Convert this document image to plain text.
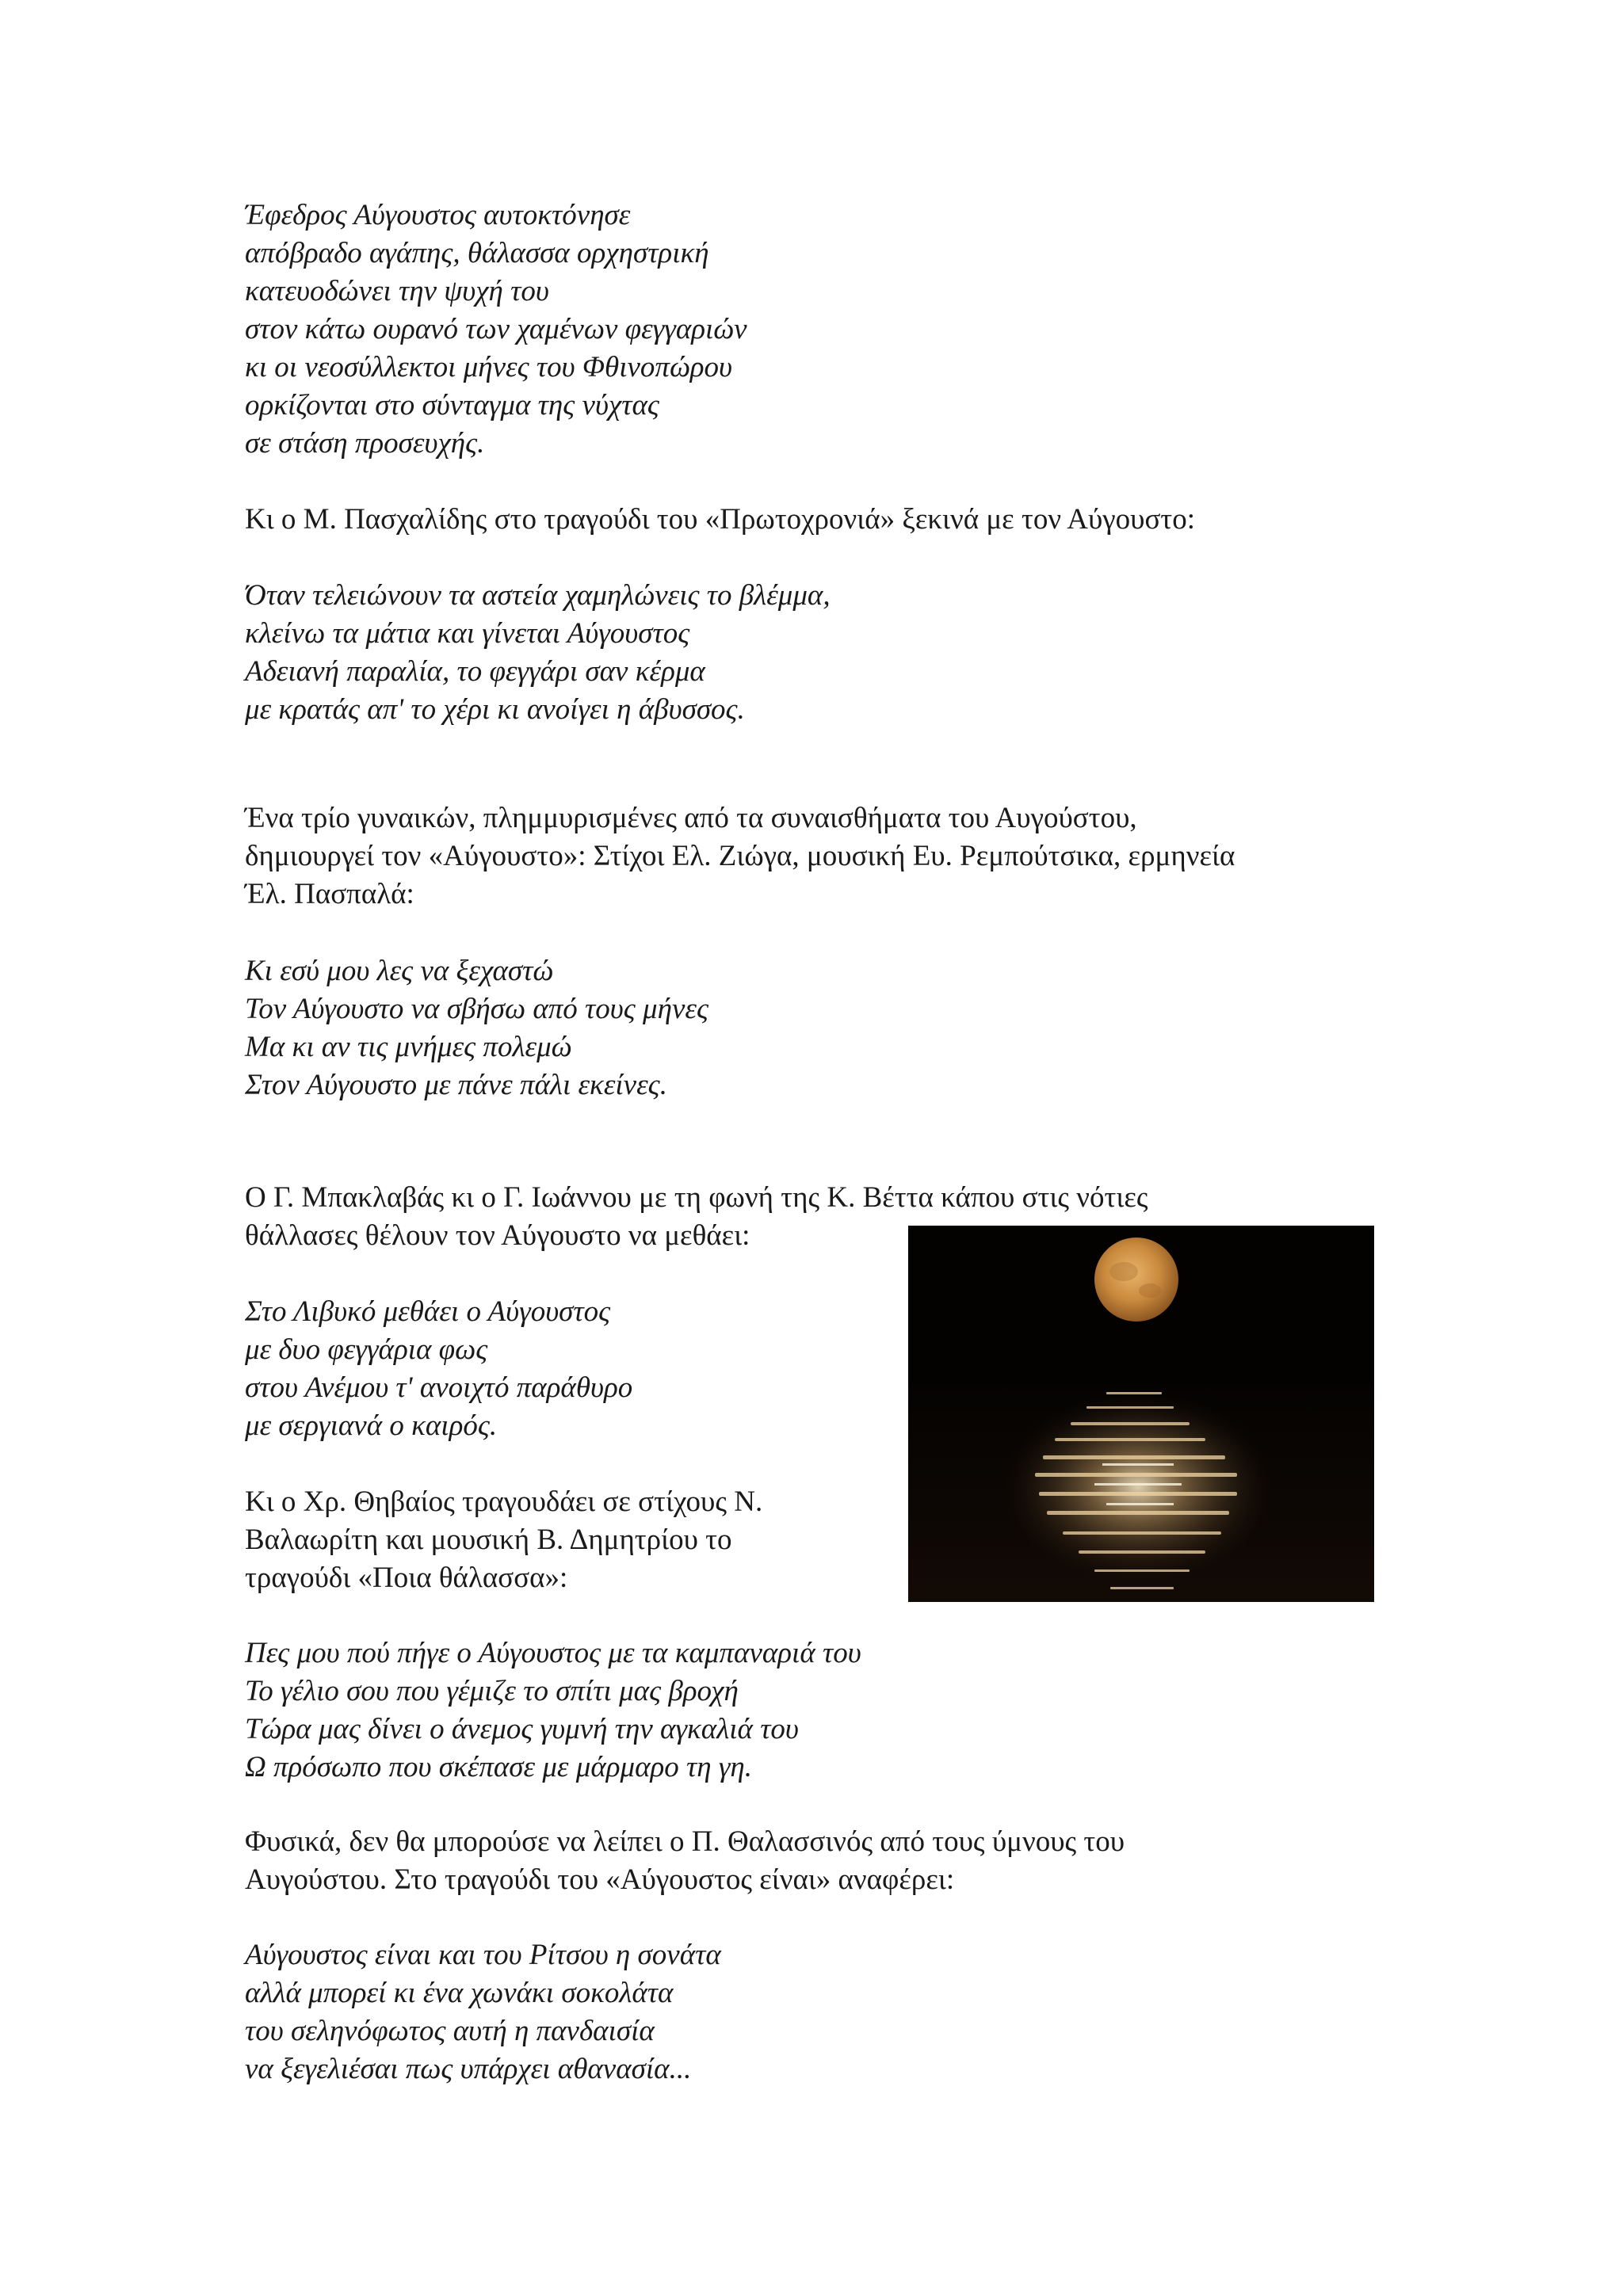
Έφεδρος Αύγουστος αυτοκτόνησε
απόβραδο αγάπης, θάλασσα ορχηστρική
κατευοδώνει την ψυχή του
στον κάτω ουρανό των χαμένων φεγγαριών
κι οι νεοσύλλεκτοι μήνες του Φθινοπώρου
ορκίζονται στο σύνταγμα της νύχτας
σε στάση προσευχής.
Κι ο Μ. Πασχαλίδης στο τραγούδι του «Πρωτοχρονιά» ξεκινά με τον Αύγουστο:
Όταν τελειώνουν τα αστεία χαμηλώνεις το βλέμμα,
κλείνω τα μάτια και γίνεται Αύγουστος
Αδειανή παραλία, το φεγγάρι σαν κέρμα
με κρατάς απ' το χέρι κι ανοίγει η άβυσσος.
Ένα τρίο γυναικών, πλημμυρισμένες από τα συναισθήματα του Αυγούστου,
δημιουργεί τον «Αύγουστο»: Στίχοι Ελ. Ζιώγα, μουσική Ευ. Ρεμπούτσικα, ερμηνεία
Έλ. Πασπαλά:
Κι εσύ μου λες να ξεχαστώ
Τον Αύγουστο να σβήσω από τους μήνες
Μα κι αν τις μνήμες πολεμώ
Στον Αύγουστο με πάνε πάλι εκείνες.
Ο Γ. Μπακλαβάς κι ο Γ. Ιωάννου με τη φωνή της Κ. Βέττα κάπου στις νότιες
θάλλασες θέλουν τον Αύγουστο να μεθάει:
Στο Λιβυκό μεθάει ο Αύγουστος
με δυο φεγγάρια φως
στου Ανέμου τ' ανοιχτό παράθυρο
με σεργιανά ο καιρός.
Κι ο Χρ. Θηβαίος τραγουδάει σε στίχους Ν.
Βαλαωρίτη και μουσική Β. Δημητρίου το
τραγούδι «Ποια θάλασσα»:
Πες μου πού πήγε ο Αύγουστος με τα καμπαναριά του
Το γέλιο σου που γέμιζε το σπίτι μας βροχή
Τώρα μας δίνει ο άνεμος γυμνή την αγκαλιά του
Ω πρόσωπο που σκέπασε με μάρμαρο τη γη.
Φυσικά, δεν θα μπορούσε να λείπει ο Π. Θαλασσινός από τους ύμνους του
Αυγούστου. Στο τραγούδι του «Αύγουστος είναι» αναφέρει:
Αύγουστος είναι και του Ρίτσου η σονάτα
αλλά μπορεί κι ένα χωνάκι σοκολάτα
του σεληνόφωτος αυτή η πανδαισία
να ξεγελιέσαι πως υπάρχει αθανασία...
